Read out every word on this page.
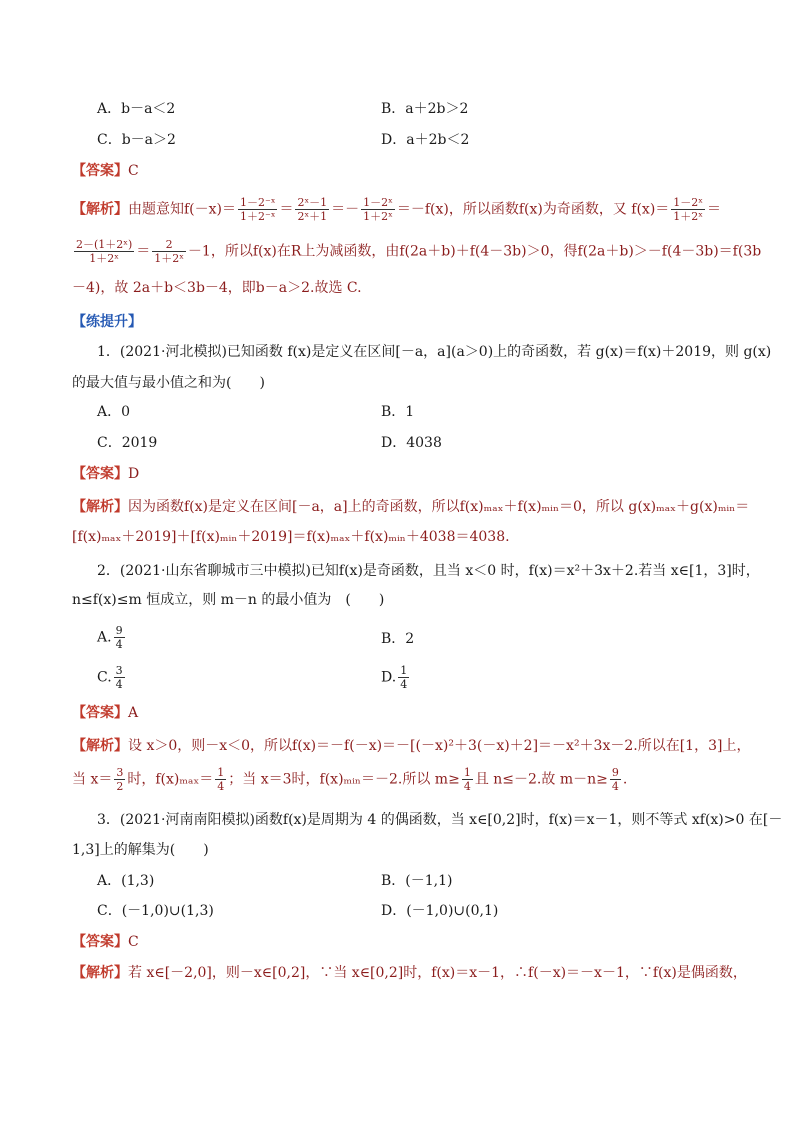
A．b－a＜2	B．a＋2b＞2
C．b－a＞2	D．a＋2b＜2
【答案】C
【解析】由题意知$f(-x)= \frac{\text{1－2⁻ˣ}}{\text{1＋2⁻ˣ}} = \frac{\text{2ˣ－1}}{\text{2ˣ＋1}} =- \frac{\text{1－2ˣ}}{\text{1＋2ˣ}} =-f(x)$，所以函数f(x)为奇函数，又 $f(x)= \frac{\text{1－2ˣ}}{\text{1＋2ˣ}}$ ＝
$\frac{\text{2－(1＋2ˣ)}}{\text{1＋2ˣ}} = \frac{2}{\text{1＋2ˣ}} -1$，所以f(x)在R上为减函数，由f(2a＋b)＋f(4－3b)＞0，得f(2a＋b)＞－f(4－3b)＝f(3b
－4)，故 2a＋b＜3b－4，即b－a＞2.故选 C.
【练提升】
1．(2021·河北模拟)已知函数 f(x)是定义在区间[－a，a](a＞0)上的奇函数，若 g(x)＝f(x)＋2019，则 g(x)
的最大值与最小值之和为(　　)
A．0	B．1
C．2019	D．4038
【答案】D
【解析】因为函数f(x)是定义在区间[－a，a]上的奇函数，所以f(x)ₘₐₓ＋f(x)ₘᵢₙ＝0，所以 g(x)ₘₐₓ＋g(x)ₘᵢₙ＝
[f(x)ₘₐₓ＋2019]＋[f(x)ₘᵢₙ＋2019]＝f(x)ₘₐₓ＋f(x)ₘᵢₙ＋4038＝4038.
2．(2021·山东省聊城市三中模拟)已知f(x)是奇函数，且当 x＜0 时，f(x)＝x²＋3x＋2.若当 x∈[1，3]时，
n≤f(x)≤m 恒成立，则 m－n 的最小值为　(　　)
A. $\frac{9}{4}$	B．2
C. $\frac{3}{4}$	D. $\frac{1}{4}$
【答案】A
【解析】设 x＞0，则－x＜0，所以f(x)＝－f(－x)＝－[(－x)²＋3(－x)＋2]＝－x²＋3x－2.所以在[1，3]上，
当 $x= \frac{3}{2}$ 时，$f(x)_{max}= \frac{1}{4}$ ；当 x＝3时，f(x)ₘᵢₙ＝－2.所以 $m\ge \frac{1}{4}$ 且 n≤－2.故 $m-n\ge \frac{9}{4}$ .
3．(2021·河南南阳模拟)函数f(x)是周期为 4 的偶函数，当 x∈[0,2]时，f(x)＝x－1，则不等式 xf(x)>0 在[－
1,3]上的解集为(　　)
A．(1,3)	B．(－1,1)
C．(－1,0)∪(1,3)	D．(－1,0)∪(0,1)
【答案】C
【解析】若 x∈[－2,0]，则－x∈[0,2]，∵当 x∈[0,2]时，f(x)＝x－1，∴f(－x)＝－x－1，∵f(x)是偶函数，
